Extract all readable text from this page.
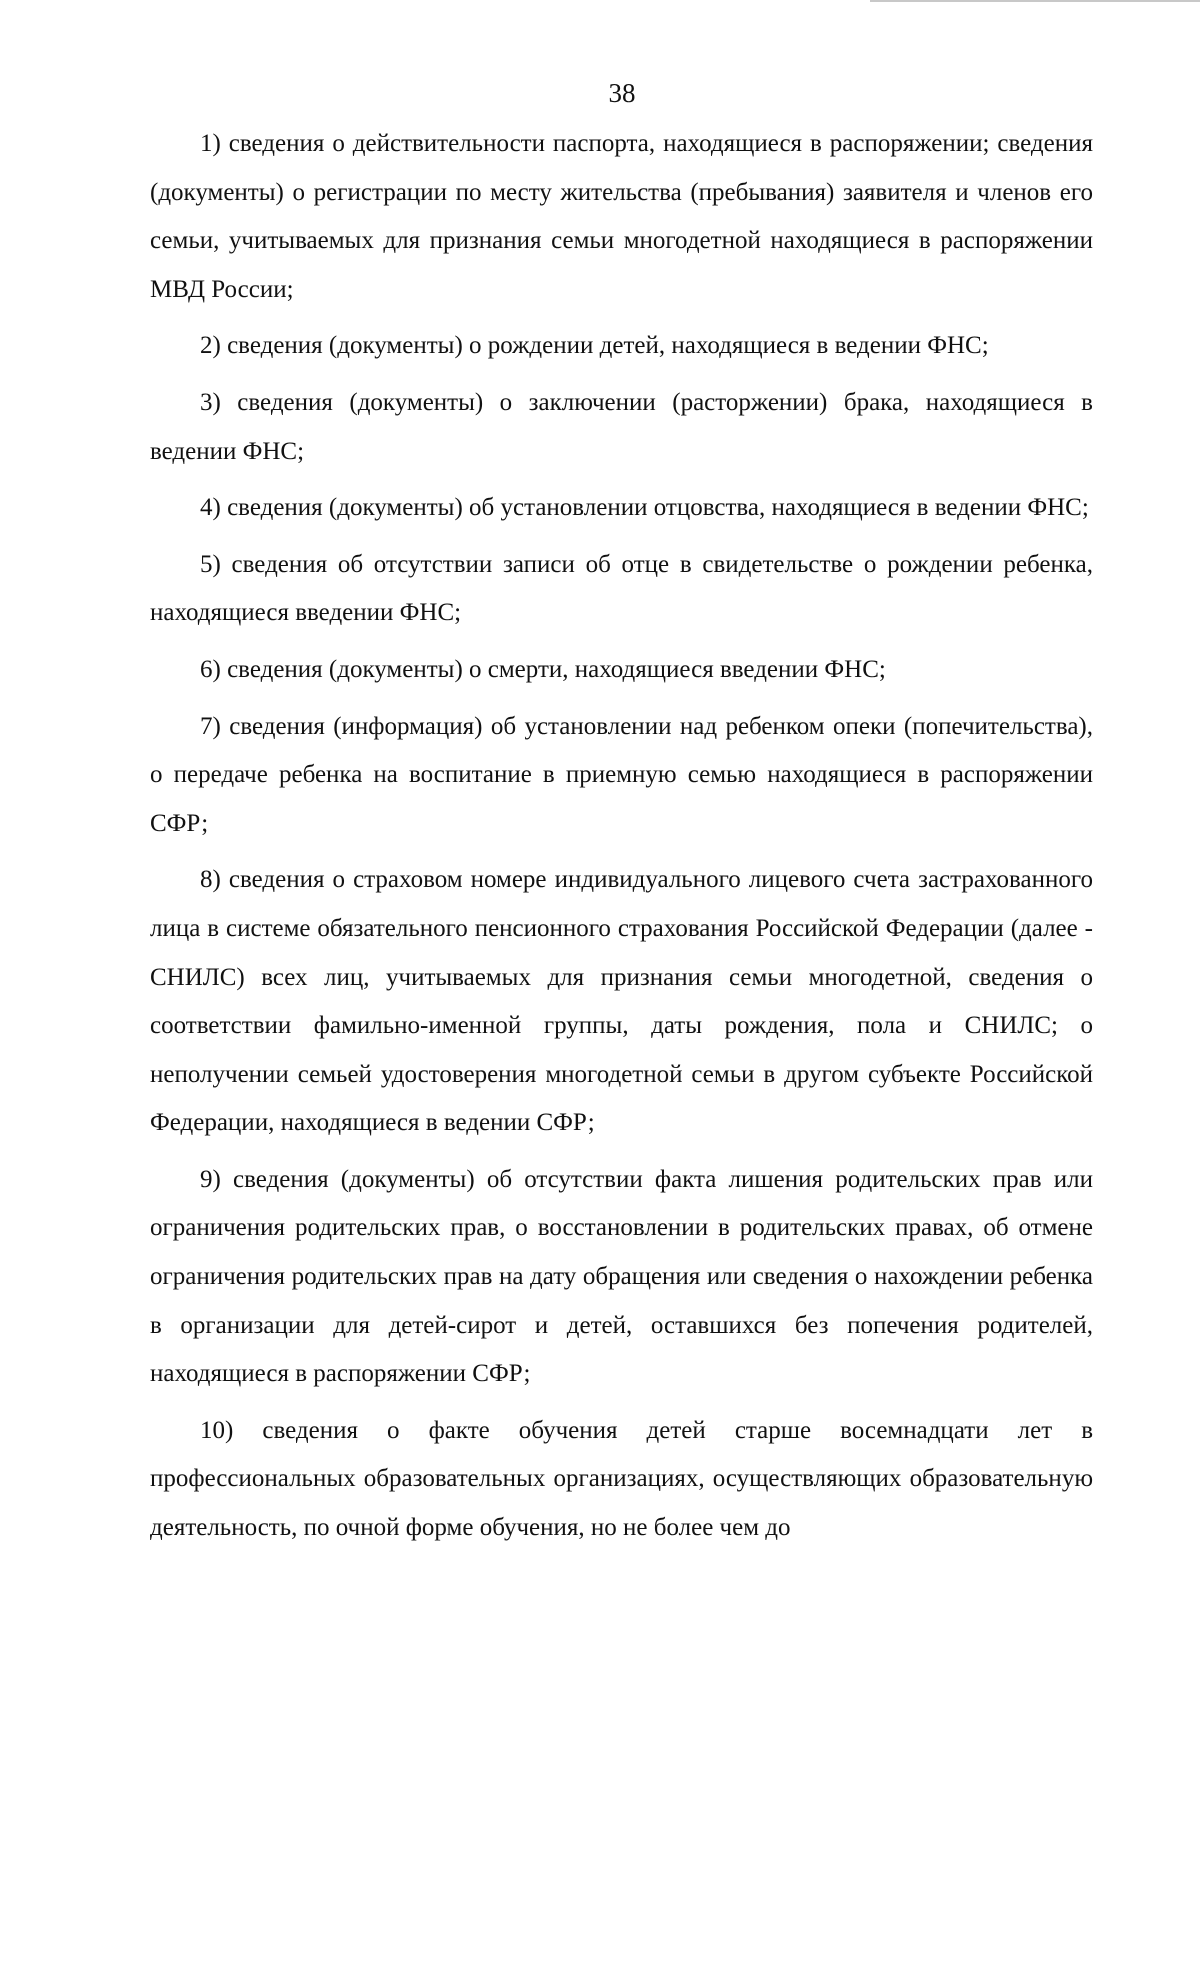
38

1) сведения о действительности паспорта, находящиеся в распоряжении; сведения (документы) о регистрации по месту жительства (пребывания) заявителя и членов его семьи, учитываемых для признания семьи многодетной находящиеся в распоряжении МВД России;

2) сведения (документы) о рождении детей, находящиеся в ведении ФНС;

3) сведения (документы) о заключении (расторжении) брака, находящиеся в ведении ФНС;

4) сведения (документы) об установлении отцовства, находящиеся в ведении ФНС;

5) сведения об отсутствии записи об отце в свидетельстве о рождении ребенка, находящиеся введении ФНС;

6) сведения (документы) о смерти, находящиеся введении ФНС;

7) сведения (информация) об установлении над ребенком опеки (попечительства), о передаче ребенка на воспитание в приемную семью находящиеся в распоряжении СФР;

8) сведения о страховом номере индивидуального лицевого счета застрахованного лица в системе обязательного пенсионного страхования Российской Федерации (далее - СНИЛС) всех лиц, учитываемых для признания семьи многодетной, сведения о соответствии фамильно-именной группы, даты рождения, пола и СНИЛС; о неполучении семьей удостоверения многодетной семьи в другом субъекте Российской Федерации, находящиеся в ведении СФР;

9) сведения (документы) об отсутствии факта лишения родительских прав или ограничения родительских прав, о восстановлении в родительских правах, об отмене ограничения родительских прав на дату обращения или сведения о нахождении ребенка в организации для детей-сирот и детей, оставшихся без попечения родителей, находящиеся в распоряжении СФР;

10) сведения о факте обучения детей старше восемнадцати лет в профессиональных образовательных организациях, осуществляющих образовательную деятельность, по очной форме обучения, но не более чем до
